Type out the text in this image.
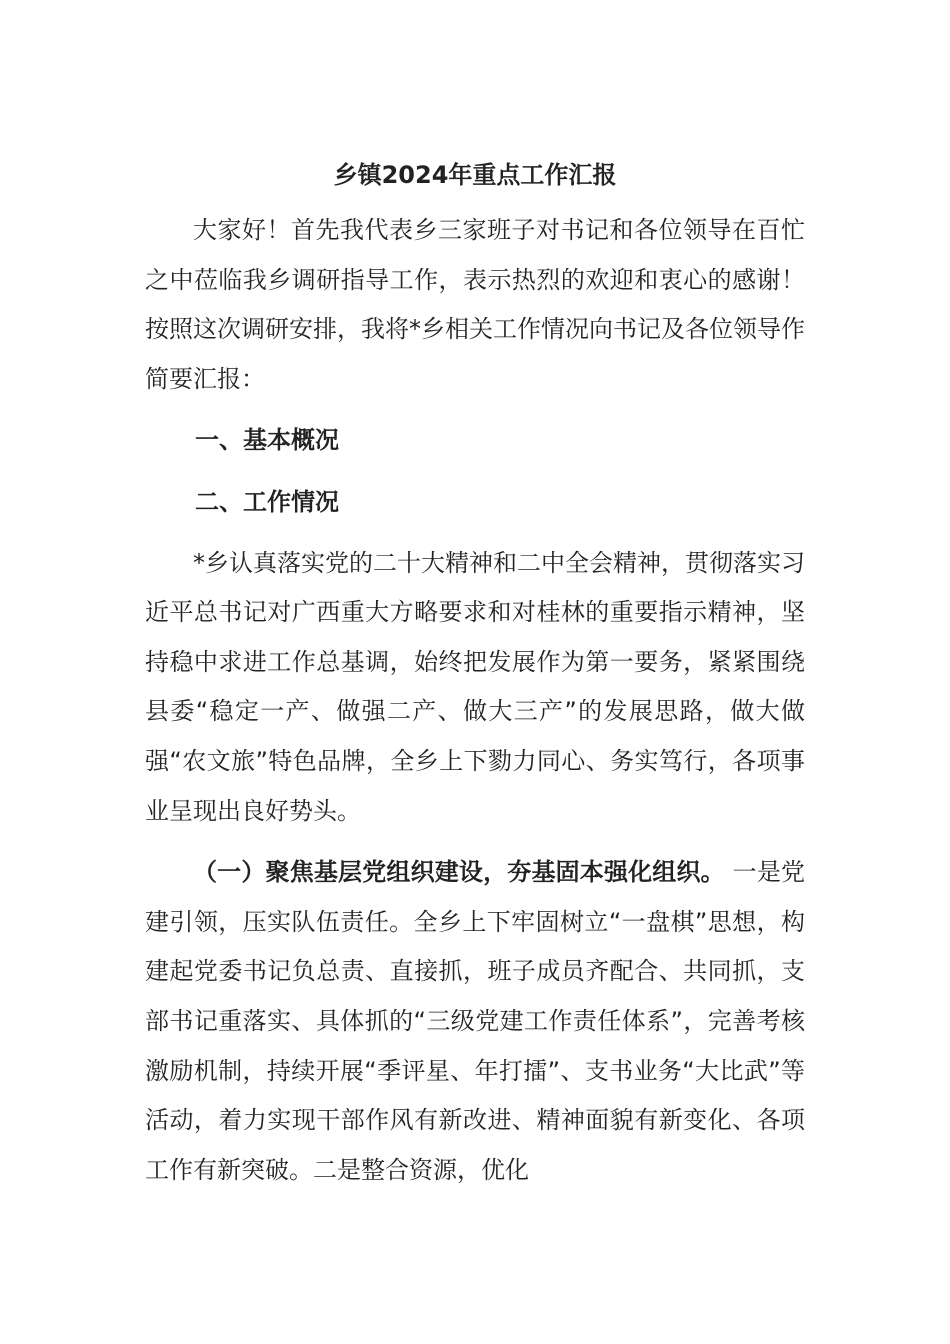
乡镇2024年重点工作汇报

大家好！首先我代表乡三家班子对书记和各位领导在百忙之中莅临我乡调研指导工作，表示热烈的欢迎和衷心的感谢！按照这次调研安排，我将*乡相关工作情况向书记及各位领导作简要汇报：

一、基本概况
二、工作情况

*乡认真落实党的二十大精神和二中全会精神，贯彻落实习近平总书记对广西重大方略要求和对桂林的重要指示精神，坚持稳中求进工作总基调，始终把发展作为第一要务，紧紧围绕县委“稳定一产、做强二产、做大三产”的发展思路，做大做强“农文旅”特色品牌，全乡上下勠力同心、务实笃行，各项事业呈现出良好势头。

（一）聚焦基层党组织建设，夯基固本强化组织。 一是党建引领，压实队伍责任。全乡上下牢固树立“一盘棋”思想，构建起党委书记负总责、直接抓，班子成员齐配合、共同抓，支部书记重落实、具体抓的“三级党建工作责任体系”，完善考核激励机制，持续开展“季评星、年打擂”、支书业务“大比武”等活动，着力实现干部作风有新改进、精神面貌有新变化、各项工作有新突破。二是整合资源，优化
